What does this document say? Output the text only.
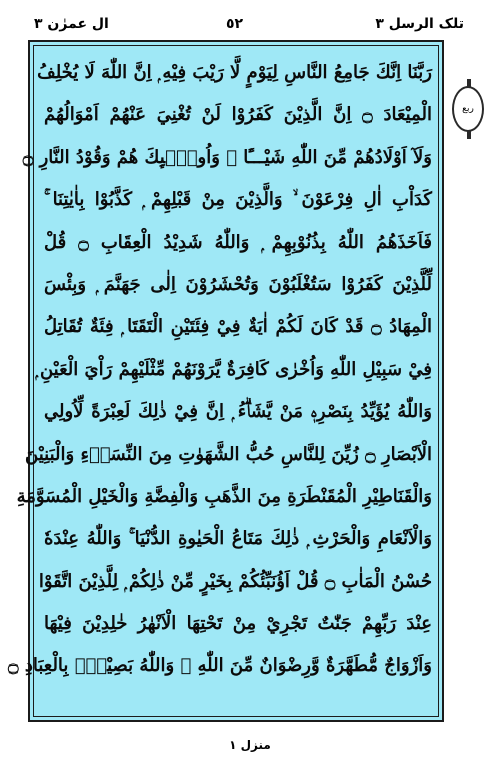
ال عمرٰن ٣	٥٢	تلک الرسل ٣
ربع
رَبَّنَا اِنَّكَ جَامِعُ النَّاسِ لِيَوْمٍ لَّا رَيْبَ فِيْهِ ۭ اِنَّ اللّٰهَ لَا يُخْلِفُ
الْمِيْعَادَ ۝ اِنَّ الَّذِيْنَ كَفَرُوْا لَنْ تُغْنِيَ عَنْھُمْ اَمْوَالُھُمْ
وَلَآ اَوْلَادُھُمْ مِّنَ اللّٰهِ شَيْـــًٔا ۭ وَاُولٰۗىِٕكَ ھُمْ وَقُوْدُ النَّارِ ۝
كَدَاْبِ اٰلِ فِرْعَوْنَ ۙ وَالَّذِيْنَ مِنْ قَبْلِهِمْ ۭ كَذَّبُوْا بِاٰيٰتِنَا ۚ
فَاَخَذَھُمُ اللّٰهُ بِذُنُوْبِهِمْ ۭ وَاللّٰهُ شَدِيْدُ الْعِقَابِ ۝ قُلْ
لِّلَّذِيْنَ كَفَرُوْا سَتُغْلَبُوْنَ وَتُحْشَرُوْنَ اِلٰى جَهَنَّمَ ۭ وَبِئْسَ
الْمِهَادُ ۝ قَدْ كَانَ لَكُمْ اٰيَةٌ فِيْ فِئَتَيْنِ الْتَقَتَا ۭ فِئَةٌ تُقَاتِلُ
فِيْ سَبِيْلِ اللّٰهِ وَاُخْرٰى كَافِرَةٌ يَّرَوْنَھُمْ مِّثْلَيْهِمْ رَاْيَ الْعَيْنِ ۭ
وَاللّٰهُ يُؤَيِّدُ بِنَصْرِهٖ مَنْ يَّشَاۗءُ ۭ اِنَّ فِيْ ذٰلِكَ لَعِبْرَةً لِّاُولِي
الْاَبْصَارِ ۝ زُيِّنَ لِلنَّاسِ حُبُّ الشَّهَوٰتِ مِنَ النِّسَاۗءِ وَالْبَنِيْنَ
وَالْقَنَاطِيْرِ الْمُقَنْطَرَةِ مِنَ الذَّھَبِ وَالْفِضَّةِ وَالْخَيْلِ الْمُسَوَّمَةِ
وَالْاَنْعَامِ وَالْحَرْثِ ۭ ذٰلِكَ مَتَاعُ الْحَيٰوةِ الدُّنْيَا ۚ وَاللّٰهُ عِنْدَهٗ
حُسْنُ الْمَاٰبِ ۝ قُلْ اَؤُنَبِّئُكُمْ بِخَيْرٍ مِّنْ ذٰلِكُمْ ۭ لِلَّذِيْنَ اتَّقَوْا
عِنْدَ رَبِّهِمْ جَنّٰتٌ تَجْرِيْ مِنْ تَحْتِهَا الْاَنْهٰرُ خٰلِدِيْنَ فِيْهَا
وَاَزْوَاجٌ مُّطَهَّرَةٌ وَّرِضْوَانٌ مِّنَ اللّٰهِ ۭ وَاللّٰهُ بَصِيْرٌۢ بِالْعِبَادِ ۝
منزل ۱
